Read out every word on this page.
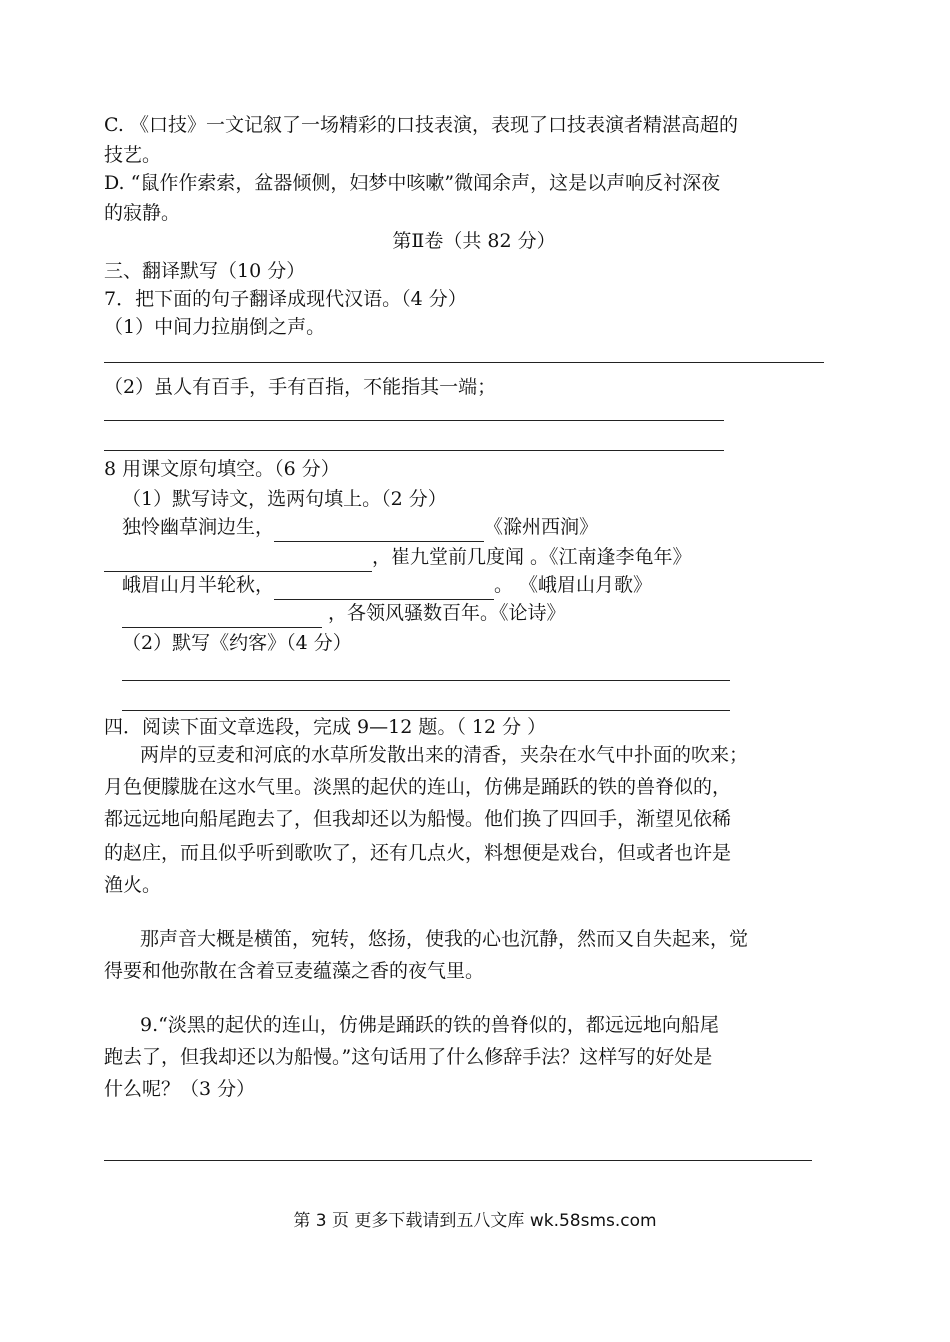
C. 《口技》一文记叙了一场精彩的口技表演，表现了口技表演者精湛高超的
技艺。
D. “鼠作作索索，盆器倾侧，妇梦中咳嗽”微闻余声，这是以声响反衬深夜
的寂静。
第Ⅱ卷（共 82 分）
三、翻译默写（10 分）
7．把下面的句子翻译成现代汉语。（4 分）
（1）中间力拉崩倒之声。
（2）虽人有百手，手有百指，不能指其一端；
8 用课文原句填空。（6 分）
（1）默写诗文，选两句填上。（2 分）
独怜幽草涧边生，	《滁州西涧》
，崔九堂前几度闻 。《江南逢李龟年》
峨眉山月半轮秋，	。 《峨眉山月歌》
，各领风骚数百年。《论诗》
（2）默写《约客》（4 分）
四．阅读下面文章选段，完成 9—12 题。（ 12 分 ）
两岸的豆麦和河底的水草所发散出来的清香，夹杂在水气中扑面的吹来；
月色便朦胧在这水气里。淡黑的起伏的连山，仿佛是踊跃的铁的兽脊似的，
都远远地向船尾跑去了，但我却还以为船慢。他们换了四回手，渐望见依稀
的赵庄，而且似乎听到歌吹了，还有几点火，料想便是戏台，但或者也许是
渔火。
那声音大概是横笛，宛转，悠扬，使我的心也沉静，然而又自失起来，觉
得要和他弥散在含着豆麦蕴藻之香的夜气里。
9.“淡黑的起伏的连山，仿佛是踊跃的铁的兽脊似的，都远远地向船尾
跑去了，但我却还以为船慢。”这句话用了什么修辞手法？这样写的好处是
什么呢？（3 分）
第 3 页 更多下载请到五八文库 wk.58sms.com
